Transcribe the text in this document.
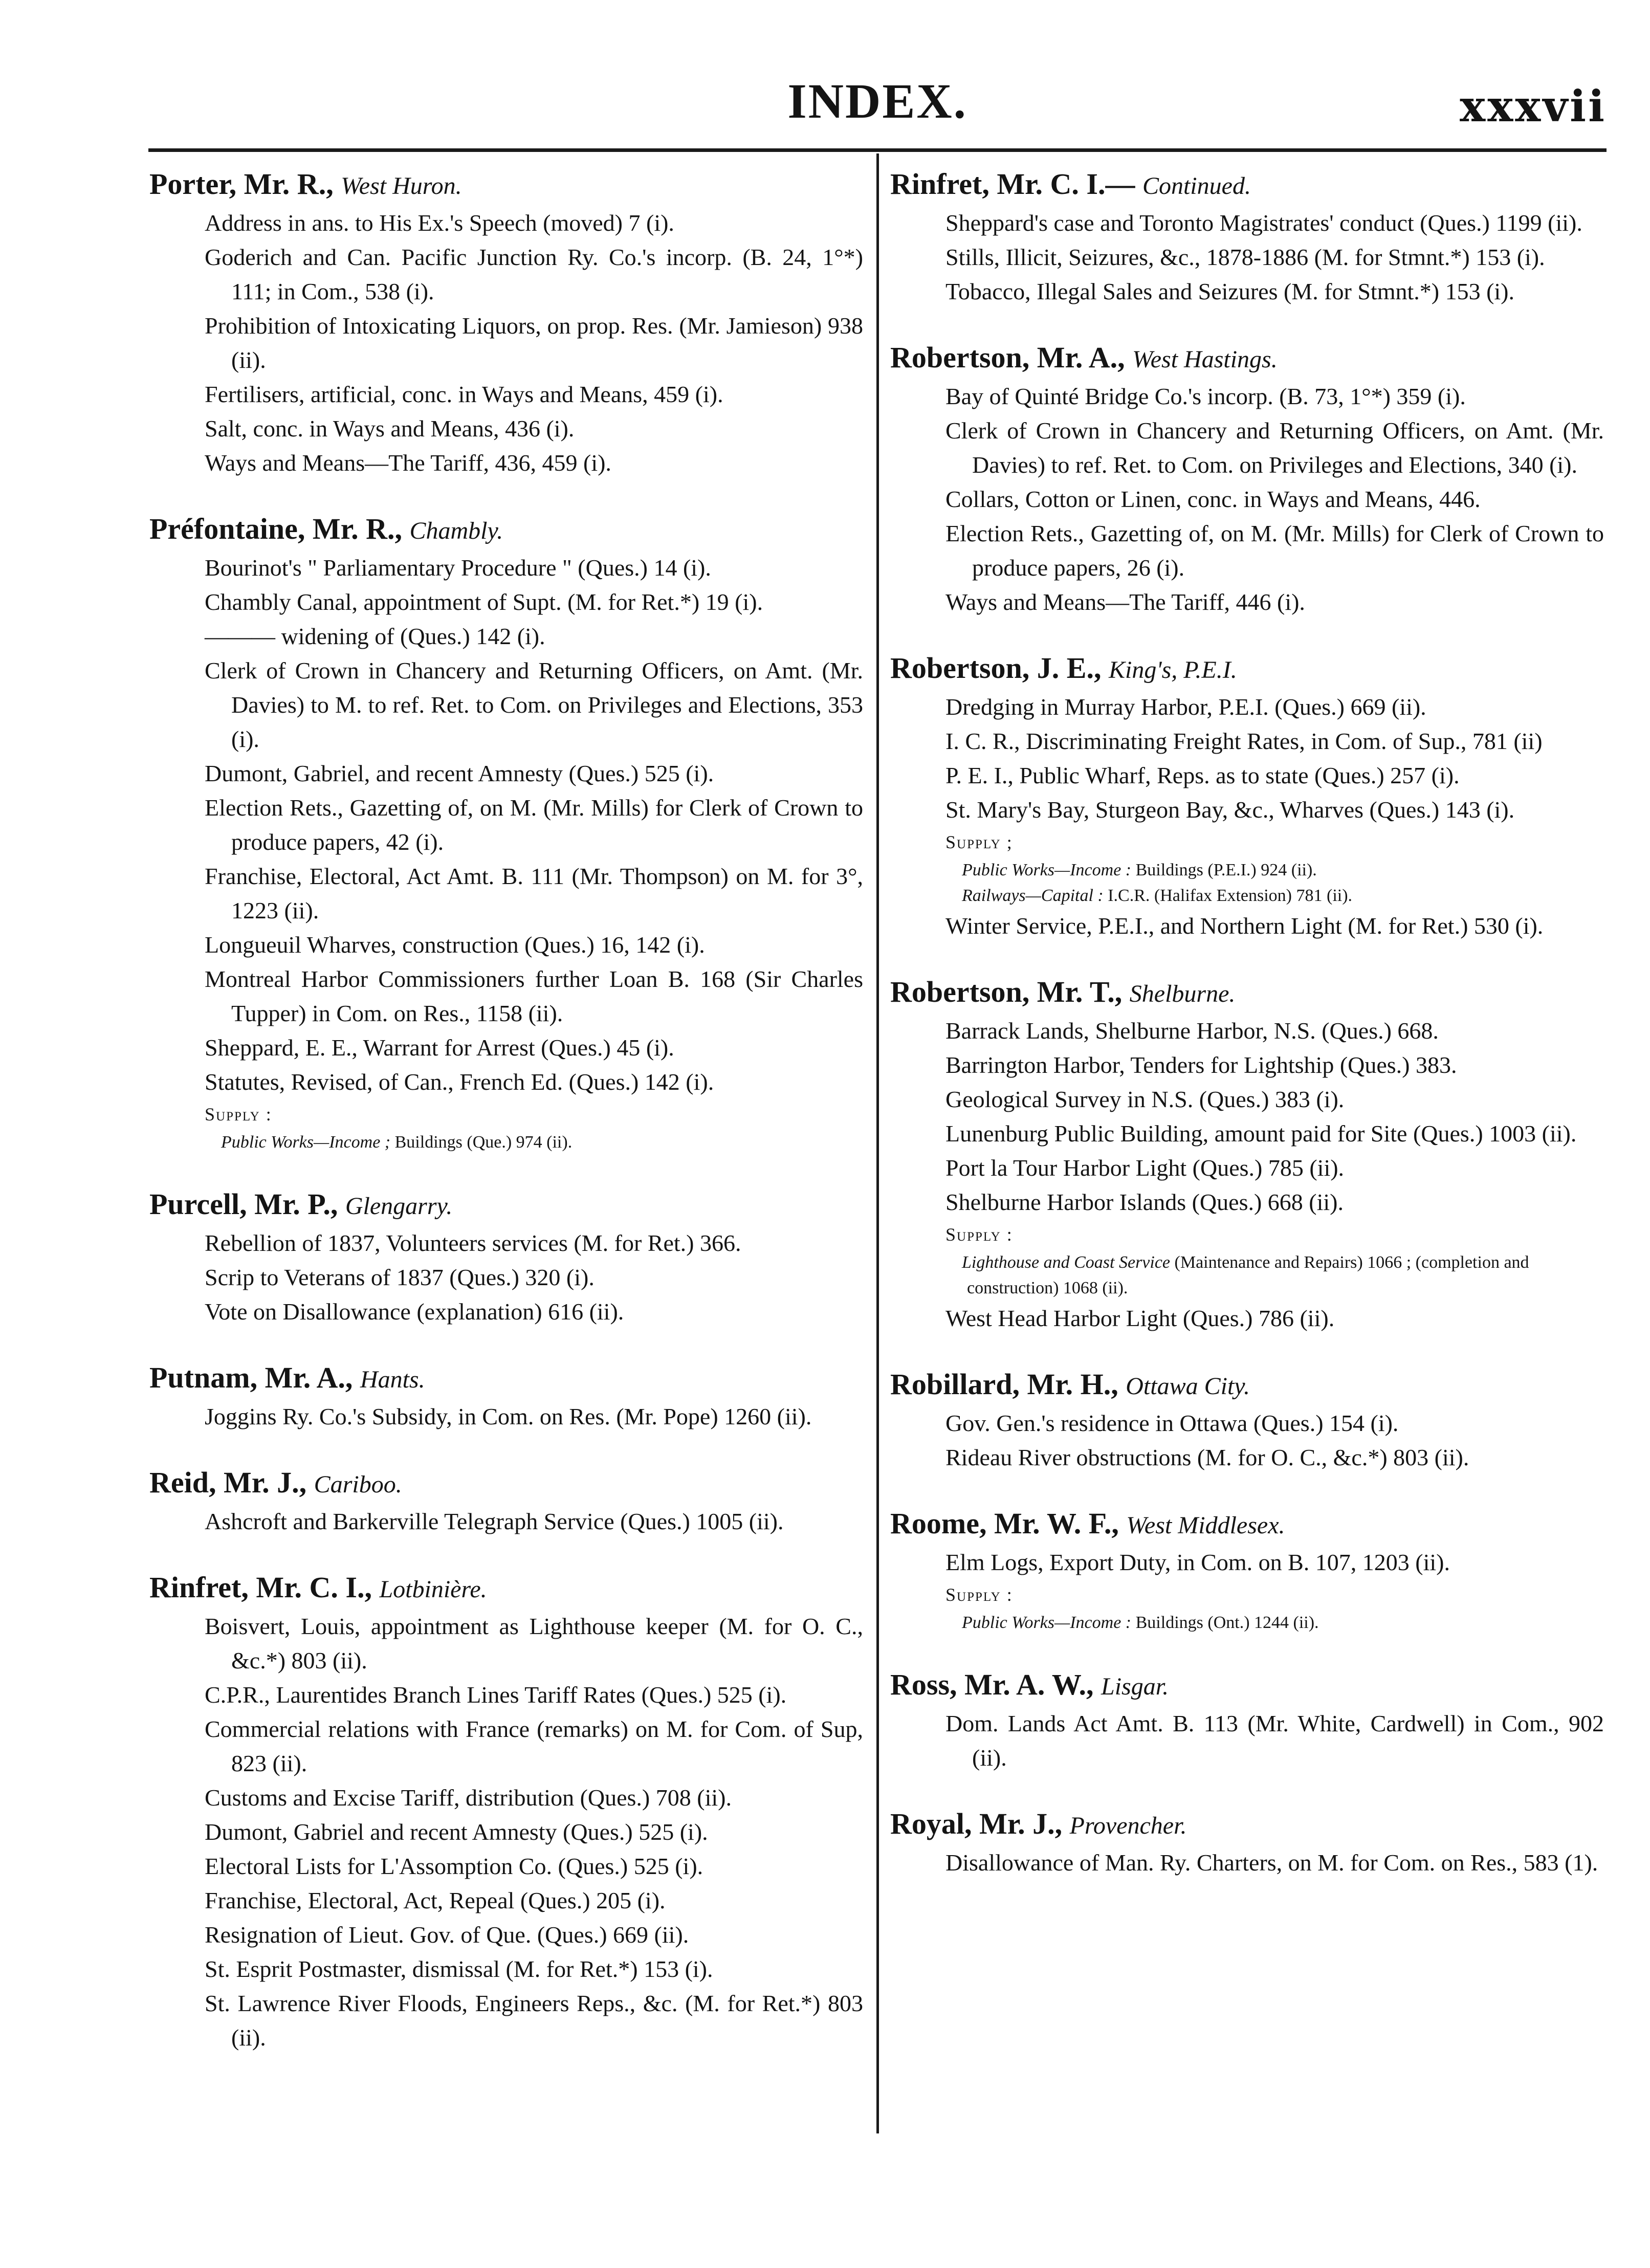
INDEX.	xxxvii
Porter, Mr. R., West Huron.
Address in ans. to His Ex.'s Speech (moved) 7 (i).
Goderich and Can. Pacific Junction Ry. Co.'s incorp. (B. 24, 1°*) 111; in Com., 538 (i).
Prohibition of Intoxicating Liquors, on prop. Res. (Mr. Jamieson) 938 (ii).
Fertilisers, artificial, conc. in Ways and Means, 459 (i).
Salt, conc. in Ways and Means, 436 (i).
Ways and Means—The Tariff, 436, 459 (i).
Préfontaine, Mr. R., Chambly.
Bourinot's " Parliamentary Procedure " (Ques.) 14 (i).
Chambly Canal, appointment of Supt. (M. for Ret.*) 19 (i).
——— widening of (Ques.) 142 (i).
Clerk of Crown in Chancery and Returning Officers, on Amt. (Mr. Davies) to M. to ref. Ret. to Com. on Privileges and Elections, 353 (i).
Dumont, Gabriel, and recent Amnesty (Ques.) 525 (i).
Election Rets., Gazetting of, on M. (Mr. Mills) for Clerk of Crown to produce papers, 42 (i).
Franchise, Electoral, Act Amt. B. 111 (Mr. Thompson) on M. for 3°, 1223 (ii).
Longueuil Wharves, construction (Ques.) 16, 142 (i).
Montreal Harbor Commissioners further Loan B. 168 (Sir Charles Tupper) in Com. on Res., 1158 (ii).
Sheppard, E. E., Warrant for Arrest (Ques.) 45 (i).
Statutes, Revised, of Can., French Ed. (Ques.) 142 (i).
Supply :
Public Works—Income ; Buildings (Que.) 974 (ii).
Purcell, Mr. P., Glengarry.
Rebellion of 1837, Volunteers services (M. for Ret.) 366.
Scrip to Veterans of 1837 (Ques.) 320 (i).
Vote on Disallowance (explanation) 616 (ii).
Putnam, Mr. A., Hants.
Joggins Ry. Co.'s Subsidy, in Com. on Res. (Mr. Pope) 1260 (ii).
Reid, Mr. J., Cariboo.
Ashcroft and Barkerville Telegraph Service (Ques.) 1005 (ii).
Rinfret, Mr. C. I., Lotbinière.
Boisvert, Louis, appointment as Lighthouse keeper (M. for O. C., &c.*) 803 (ii).
C.P.R., Laurentides Branch Lines Tariff Rates (Ques.) 525 (i).
Commercial relations with France (remarks) on M. for Com. of Sup, 823 (ii).
Customs and Excise Tariff, distribution (Ques.) 708 (ii).
Dumont, Gabriel and recent Amnesty (Ques.) 525 (i).
Electoral Lists for L'Assomption Co. (Ques.) 525 (i).
Franchise, Electoral, Act, Repeal (Ques.) 205 (i).
Resignation of Lieut. Gov. of Que. (Ques.) 669 (ii).
St. Esprit Postmaster, dismissal (M. for Ret.*) 153 (i).
St. Lawrence River Floods, Engineers Reps., &c. (M. for Ret.*) 803 (ii).
Rinfret, Mr. C. I.— Continued.
Sheppard's case and Toronto Magistrates' conduct (Ques.) 1199 (ii).
Stills, Illicit, Seizures, &c., 1878-1886 (M. for Stmnt.*) 153 (i).
Tobacco, Illegal Sales and Seizures (M. for Stmnt.*) 153 (i).
Robertson, Mr. A., West Hastings.
Bay of Quinté Bridge Co.'s incorp. (B. 73, 1°*) 359 (i).
Clerk of Crown in Chancery and Returning Officers, on Amt. (Mr. Davies) to ref. Ret. to Com. on Privileges and Elections, 340 (i).
Collars, Cotton or Linen, conc. in Ways and Means, 446.
Election Rets., Gazetting of, on M. (Mr. Mills) for Clerk of Crown to produce papers, 26 (i).
Ways and Means—The Tariff, 446 (i).
Robertson, J. E., King's, P.E.I.
Dredging in Murray Harbor, P.E.I. (Ques.) 669 (ii).
I. C. R., Discriminating Freight Rates, in Com. of Sup., 781 (ii)
P. E. I., Public Wharf, Reps. as to state (Ques.) 257 (i).
St. Mary's Bay, Sturgeon Bay, &c., Wharves (Ques.) 143 (i).
Supply ;
Public Works—Income : Buildings (P.E.I.) 924 (ii).
Railways—Capital : I.C.R. (Halifax Extension) 781 (ii).
Winter Service, P.E.I., and Northern Light (M. for Ret.) 530 (i).
Robertson, Mr. T., Shelburne.
Barrack Lands, Shelburne Harbor, N.S. (Ques.) 668.
Barrington Harbor, Tenders for Lightship (Ques.) 383.
Geological Survey in N.S. (Ques.) 383 (i).
Lunenburg Public Building, amount paid for Site (Ques.) 1003 (ii).
Port la Tour Harbor Light (Ques.) 785 (ii).
Shelburne Harbor Islands (Ques.) 668 (ii).
Supply :
Lighthouse and Coast Service (Maintenance and Repairs) 1066 ; (completion and construction) 1068 (ii).
West Head Harbor Light (Ques.) 786 (ii).
Robillard, Mr. H., Ottawa City.
Gov. Gen.'s residence in Ottawa (Ques.) 154 (i).
Rideau River obstructions (M. for O. C., &c.*) 803 (ii).
Roome, Mr. W. F., West Middlesex.
Elm Logs, Export Duty, in Com. on B. 107, 1203 (ii).
Supply :
Public Works—Income : Buildings (Ont.) 1244 (ii).
Ross, Mr. A. W., Lisgar.
Dom. Lands Act Amt. B. 113 (Mr. White, Cardwell) in Com., 902 (ii).
Royal, Mr. J., Provencher.
Disallowance of Man. Ry. Charters, on M. for Com. on Res., 583 (1).
